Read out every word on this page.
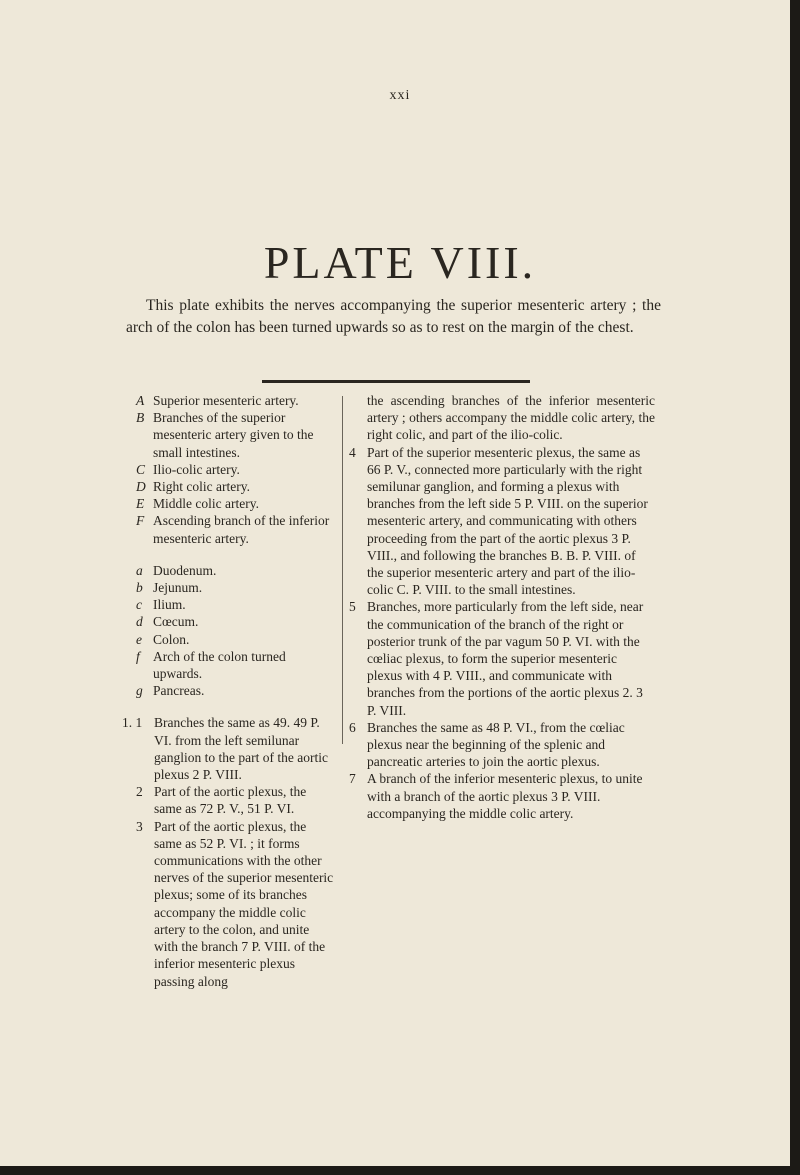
xxi
PLATE VIII.
This plate exhibits the nerves accompanying the superior mesenteric artery ; the arch of the colon has been turned upwards so as to rest on the margin of the chest.

A Superior mesenteric artery.

B Branches of the superior mesenteric artery given to the small intestines.

C Ilio-colic artery.

D Right colic artery.

E Middle colic artery.

F Ascending branch of the inferior mesenteric artery.

a Duodenum.

b Jejunum.

c Ilium.

d Cœcum.

e Colon.

f Arch of the colon turned upwards.

g Pancreas.

1. 1 Branches the same as 49. 49 P. VI. from the left semilunar ganglion to the part of the aortic plexus 2 P. VIII.

2 Part of the aortic plexus, the same as 72 P. V., 51 P. VI.

3 Part of the aortic plexus, the same as 52 P. VI. ; it forms communications with the other nerves of the superior mesenteric plexus; some of its branches accompany the middle colic artery to the colon, and unite with the branch 7 P. VIII. of the inferior mesenteric plexus passing along

the ascending branches of the inferior mesenteric artery ; others accompany the middle colic artery, the right colic, and part of the ilio-colic.

4 Part of the superior mesenteric plexus, the same as 66 P. V., connected more particularly with the right semilunar ganglion, and forming a plexus with branches from the left side 5 P. VIII. on the superior mesenteric artery, and communicating with others proceeding from the part of the aortic plexus 3 P. VIII., and following the branches B. B. P. VIII. of the superior mesenteric artery and part of the ilio-colic C. P. VIII. to the small intestines.

5 Branches, more particularly from the left side, near the communication of the branch of the right or posterior trunk of the par vagum 50 P. VI. with the cœliac plexus, to form the superior mesenteric plexus with 4 P. VIII., and communicate with branches from the portions of the aortic plexus 2. 3 P. VIII.

6 Branches the same as 48 P. VI., from the cœliac plexus near the beginning of the splenic and pancreatic arteries to join the aortic plexus.

7 A branch of the inferior mesenteric plexus, to unite with a branch of the aortic plexus 3 P. VIII. accompanying the middle colic artery.
